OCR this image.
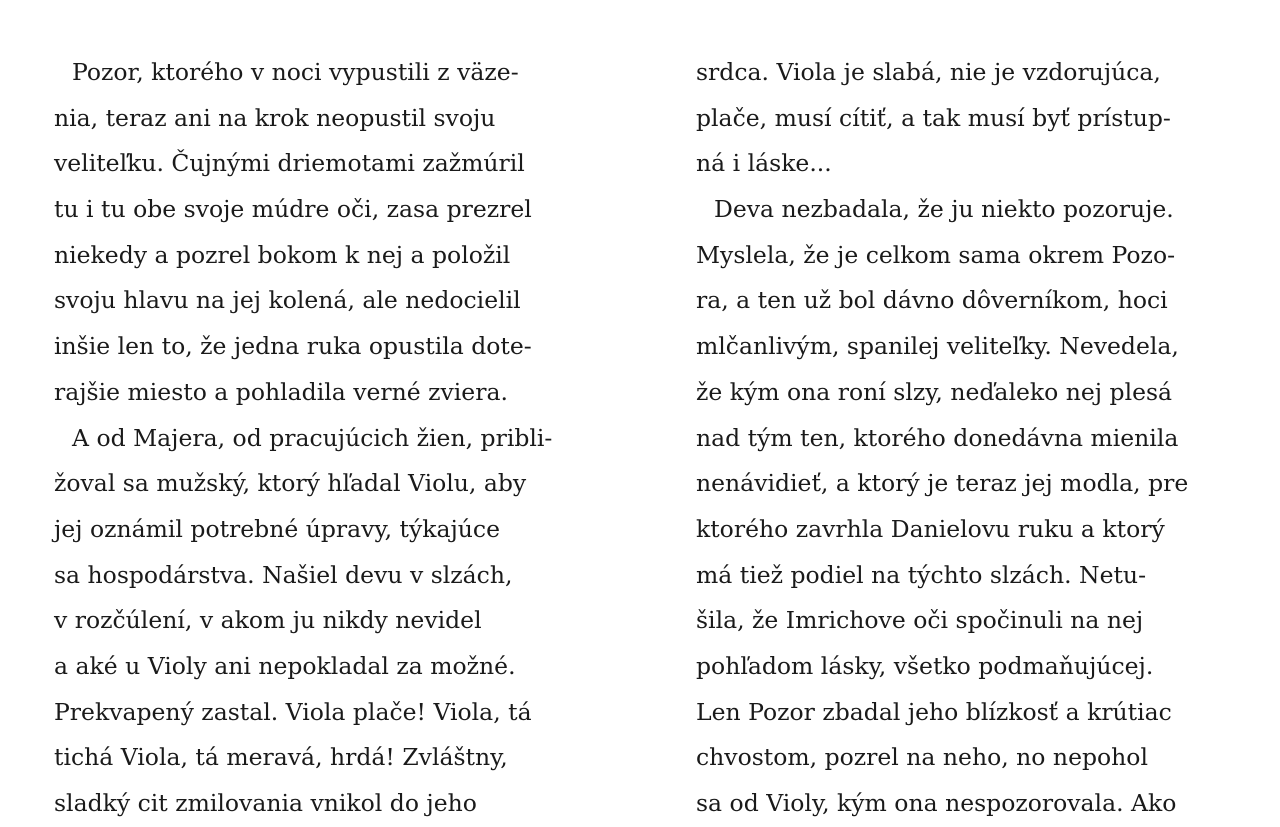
Pozor, ktorého v noci vypustili z väze-
nia, teraz ani na krok neopustil svoju
veliteľku. Čujnými driemotami zažmúril
tu i tu obe svoje múdre oči, zasa prezrel
niekedy a pozrel bokom k nej a položil
svoju hlavu na jej kolená, ale nedocielil
inšie len to, že jedna ruka opustila dote-
rajšie miesto a pohladila verné zviera.
A od Majera, od pracujúcich žien, pribli-
žoval sa mužský, ktorý hľadal Violu, aby
jej oznámil potrebné úpravy, týkajúce
sa hospodárstva. Našiel devu v slzách,
v rozčúlení, v akom ju nikdy nevidel
a aké u Violy ani nepokladal za možné.
Prekvapený zastal. Viola plače! Viola, tá
tichá Viola, tá meravá, hrdá! Zvláštny,
sladký cit zmilovania vnikol do jeho
srdca. Viola je slabá, nie je vzdorujúca,
plače, musí cítiť, a tak musí byť prístup-
ná i láske...
Deva nezbadala, že ju niekto pozoruje.
Myslela, že je celkom sama okrem Pozo-
ra, a ten už bol dávno dôverníkom, hoci
mlčanlivým, spanilej veliteľky. Nevedela,
že kým ona roní slzy, neďaleko nej plesá
nad tým ten, ktorého donedávna mienila
nenávidieť, a ktorý je teraz jej modla, pre
ktorého zavrhla Danielovu ruku a ktorý
má tiež podiel na týchto slzách. Netu-
šila, že Imrichove oči spočinuli na nej
pohľadom lásky, všetko podmaňujúcej.
Len Pozor zbadal jeho blízkosť a krútiac
chvostom, pozrel na neho, no nepohol
sa od Violy, kým ona nespozorovala. Ako
